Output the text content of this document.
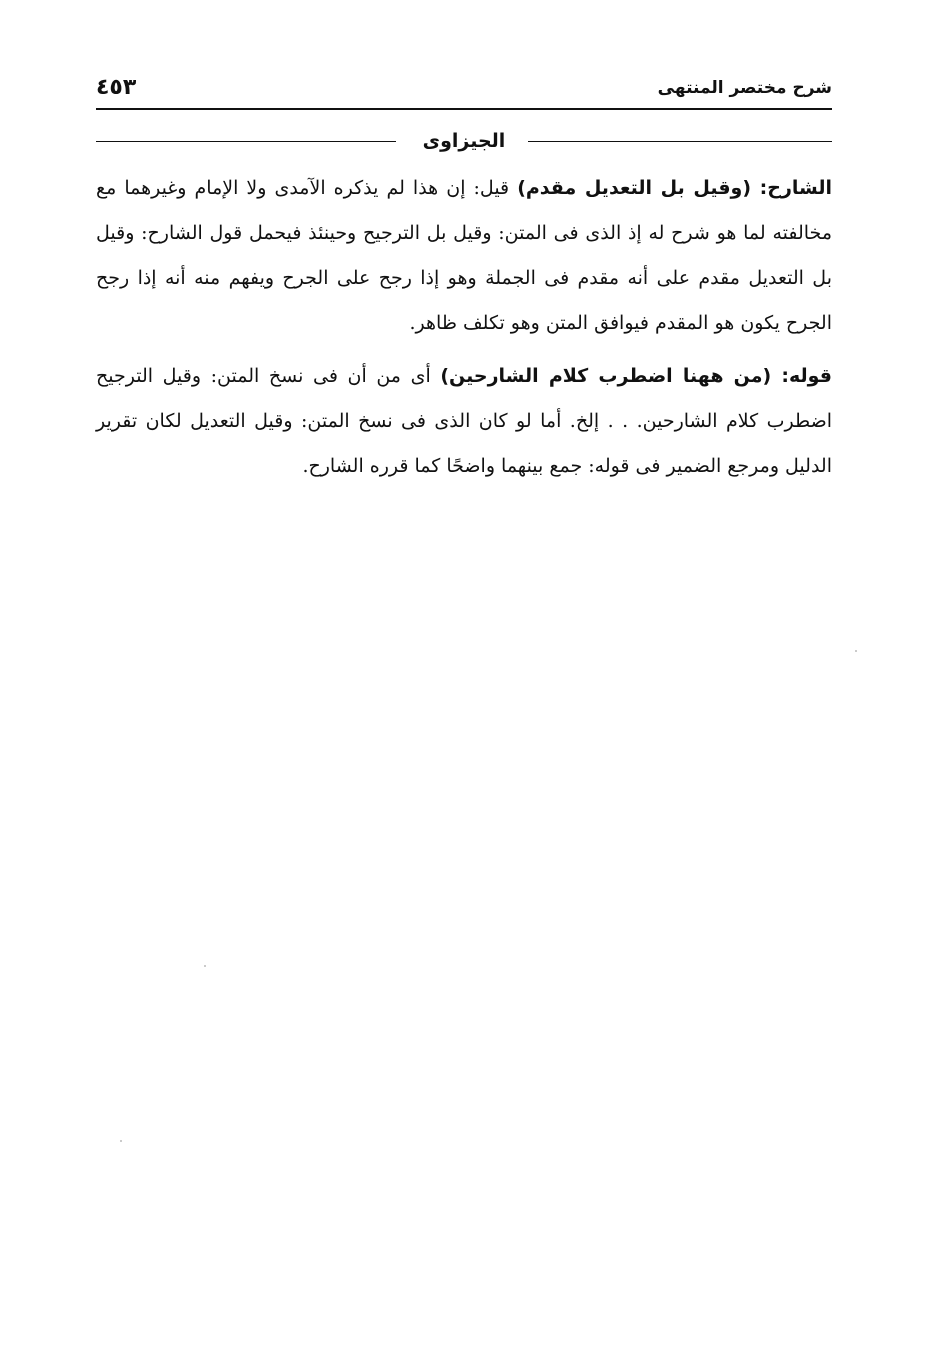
٤٥٣	شرح مختصر المنتهى
الجيزاوى

الشارح: (وقيل بل التعديل مقدم) قيل: إن هذا لم يذكره الآمدى ولا الإمام وغيرهما مع مخالفته لما هو شرح له إذ الذى فى المتن: وقيل بل الترجيح وحينئذ فيحمل قول الشارح: وقيل بل التعديل مقدم على أنه مقدم فى الجملة وهو إذا رجح على الجرح ويفهم منه أنه إذا رجح الجرح يكون هو المقدم فيوافق المتن وهو تكلف ظاهر.

قوله: (من ههنا اضطرب كلام الشارحين) أى من أن فى نسخ المتن: وقيل الترجيح اضطرب كلام الشارحين. . . إلخ. أما لو كان الذى فى نسخ المتن: وقيل التعديل لكان تقرير الدليل ومرجع الضمير فى قوله: جمع بينهما واضحًا كما قرره الشارح.
